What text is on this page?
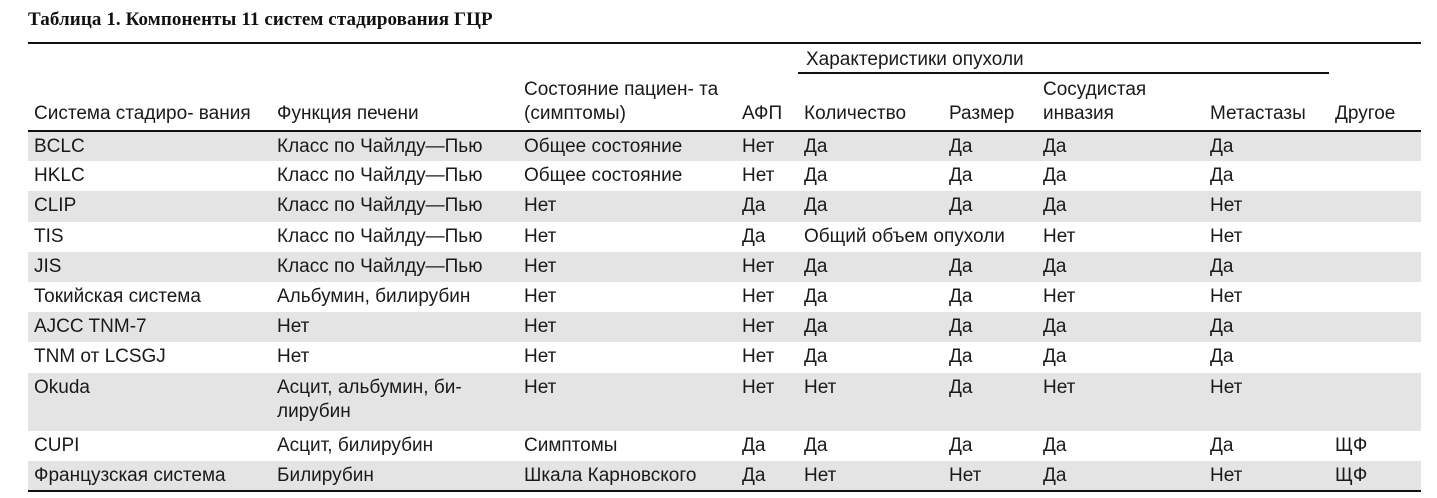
Таблица 1. Компоненты 11 систем стадирования ГЦР
Характеристики опухоли
Система стадиро- вания	Функция печени	Состояние пациен- та (симптомы)	АФП	Количество	Размер	Сосудистая инвазия	Метастазы	Другое
BCLC	Класс по Чайлду—Пью	Общее состояние	Нет	Да	Да	Да	Да	
HKLC	Класс по Чайлду—Пью	Общее состояние	Нет	Да	Да	Да	Да	
CLIP	Класс по Чайлду—Пью	Нет	Да	Да	Да	Да	Нет	
TIS	Класс по Чайлду—Пью	Нет	Да	Общий объем опухоли		Нет	Нет	
JIS	Класс по Чайлду—Пью	Нет	Нет	Да	Да	Да	Да	
Токийская система	Альбумин, билирубин	Нет	Нет	Да	Да	Нет	Нет	
AJCC TNM-7	Нет	Нет	Нет	Да	Да	Да	Да	
TNM от LCSGJ	Нет	Нет	Нет	Да	Да	Да	Да	
Okuda	Асцит, альбумин, би- лирубин	Нет	Нет	Нет	Да	Нет	Нет	
CUPI	Асцит, билирубин	Симптомы	Да	Да	Да	Да	Да	ЩФ
Французская система	Билирубин	Шкала Карновского	Да	Нет	Нет	Да	Нет	ЩФ
